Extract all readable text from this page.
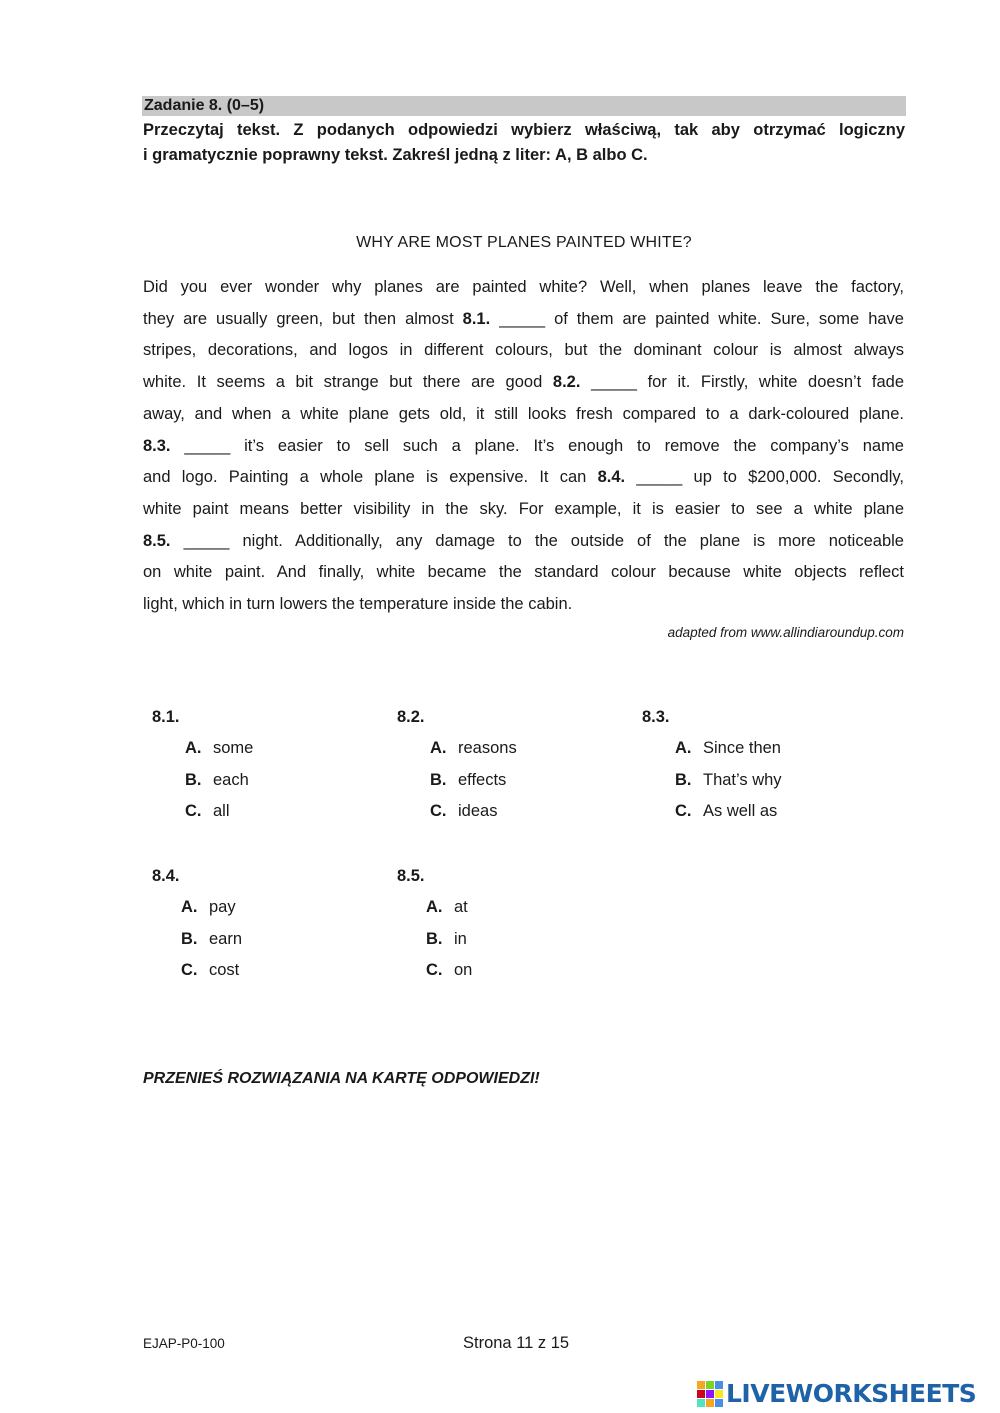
Zadanie 8. (0–5)
Przeczytaj tekst. Z podanych odpowiedzi wybierz właściwą, tak aby otrzymać logiczny
i gramatycznie poprawny tekst. Zakreśl jedną z liter: A, B albo C.
WHY ARE MOST PLANES PAINTED WHITE?
Did you ever wonder why planes are painted white? Well, when planes leave the factory,
they are usually green, but then almost 8.1. _____ of them are painted white. Sure, some have
stripes, decorations, and logos in different colours, but the dominant colour is almost always
white. It seems a bit strange but there are good 8.2. _____ for it. Firstly, white doesn’t fade
away, and when a white plane gets old, it still looks fresh compared to a dark-coloured plane.
8.3. _____ it’s easier to sell such a plane. It’s enough to remove the company’s name
and logo. Painting a whole plane is expensive. It can 8.4. _____ up to $200,000. Secondly,
white paint means better visibility in the sky. For example, it is easier to see a white plane
8.5. _____ night. Additionally, any damage to the outside of the plane is more noticeable
on white paint. And finally, white became the standard colour because white objects reflect
light, which in turn lowers the temperature inside the cabin.
adapted from www.allindiaroundup.com
8.1.
A. some
B. each
C. all
8.2.
A. reasons
B. effects
C. ideas
8.3.
A. Since then
B. That’s why
C. As well as
8.4.
A. pay
B. earn
C. cost
8.5.
A. at
B. in
C. on
PRZENIEŚ ROZWIĄZANIA NA KARTĘ ODPOWIEDZI!
EJAP-P0-100	Strona 11 z 15
LIVEWORKSHEETS
